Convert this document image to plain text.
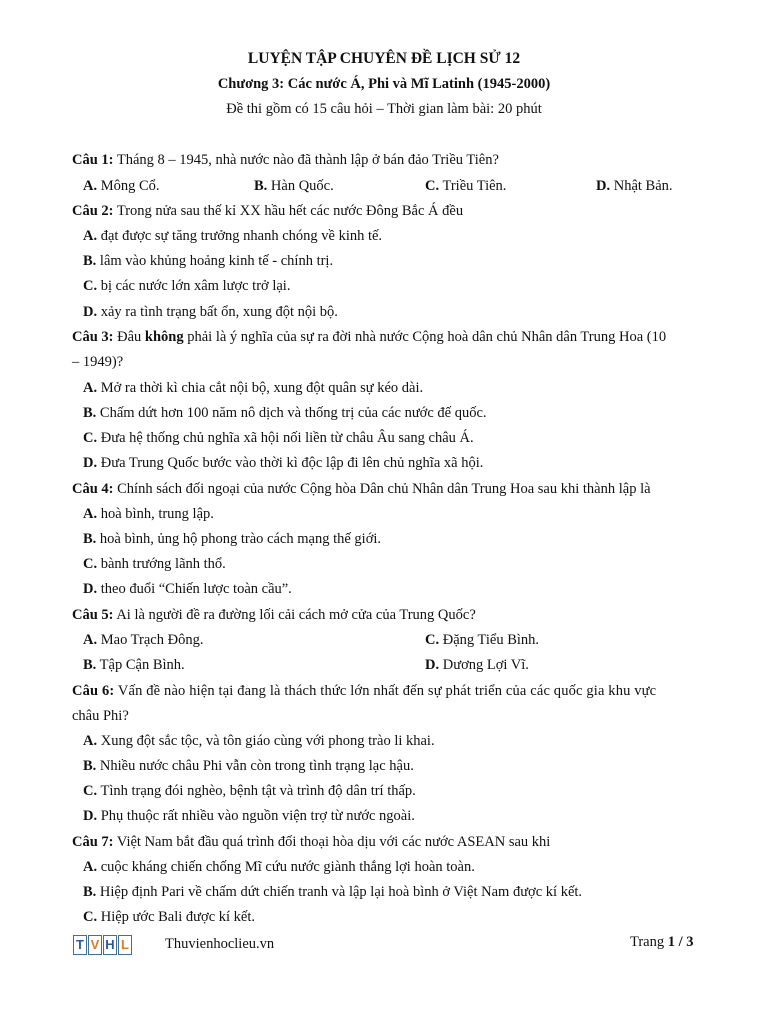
LUYỆN TẬP CHUYÊN ĐỀ LỊCH SỬ 12
Chương 3: Các nước Á, Phi và Mĩ Latinh (1945-2000)
Đề thi gồm có 15 câu hỏi – Thời gian làm bài: 20 phút
Câu 1: Tháng 8 – 1945, nhà nước nào đã thành lập ở bán đảo Triều Tiên?
A. Mông Cổ.	B. Hàn Quốc.	C. Triều Tiên.	D. Nhật Bản.
Câu 2: Trong nửa sau thế kỉ XX hầu hết các nước Đông Bắc Á đều
A. đạt được sự tăng trưởng nhanh chóng về kinh tế.
B. lâm vào khủng hoảng kinh tế - chính trị.
C. bị các nước lớn xâm lược trở lại.
D. xảy ra tình trạng bất ổn, xung đột nội bộ.
Câu 3: Đâu không phải là ý nghĩa của sự ra đời nhà nước Cộng hoà dân chủ Nhân dân Trung Hoa (10
– 1949)?
A. Mở ra thời kì chia cắt nội bộ, xung đột quân sự kéo dài.
B. Chấm dứt hơn 100 năm nô dịch và thống trị của các nước đế quốc.
C. Đưa hệ thống chủ nghĩa xã hội nối liền từ châu Âu sang châu Á.
D. Đưa Trung Quốc bước vào thời kì độc lập đi lên chủ nghĩa xã hội.
Câu 4: Chính sách đối ngoại của nước Cộng hòa Dân chủ Nhân dân Trung Hoa sau khi thành lập là
A. hoà bình, trung lập.
B. hoà bình, ủng hộ phong trào cách mạng thế giới.
C. bành trướng lãnh thổ.
D. theo đuổi “Chiến lược toàn cầu”.
Câu 5: Ai là người đề ra đường lối cải cách mở cửa của Trung Quốc?
A. Mao Trạch Đông.	C. Đặng Tiểu Bình.
B. Tập Cận Bình.	D. Dương Lợi Vĩ.
Câu 6: Vấn đề nào hiện tại đang là thách thức lớn nhất đến sự phát triển của các quốc gia khu vực
châu Phi?
A. Xung đột sắc tộc, và tôn giáo cùng với phong trào li khai.
B. Nhiều nước châu Phi vẫn còn trong tình trạng lạc hậu.
C. Tình trạng đói nghèo, bệnh tật và trình độ dân trí thấp.
D. Phụ thuộc rất nhiều vào nguồn viện trợ từ nước ngoài.
Câu 7: Việt Nam bắt đầu quá trình đối thoại hòa dịu với các nước ASEAN sau khi
A. cuộc kháng chiến chống Mĩ cứu nước giành thắng lợi hoàn toàn.
B. Hiệp định Pari về chấm dứt chiến tranh và lập lại hoà bình ở Việt Nam được kí kết.
C. Hiệp ước Bali được kí kết.
T V H L Thuvienhoclieu.vn	Trang 1 / 3
